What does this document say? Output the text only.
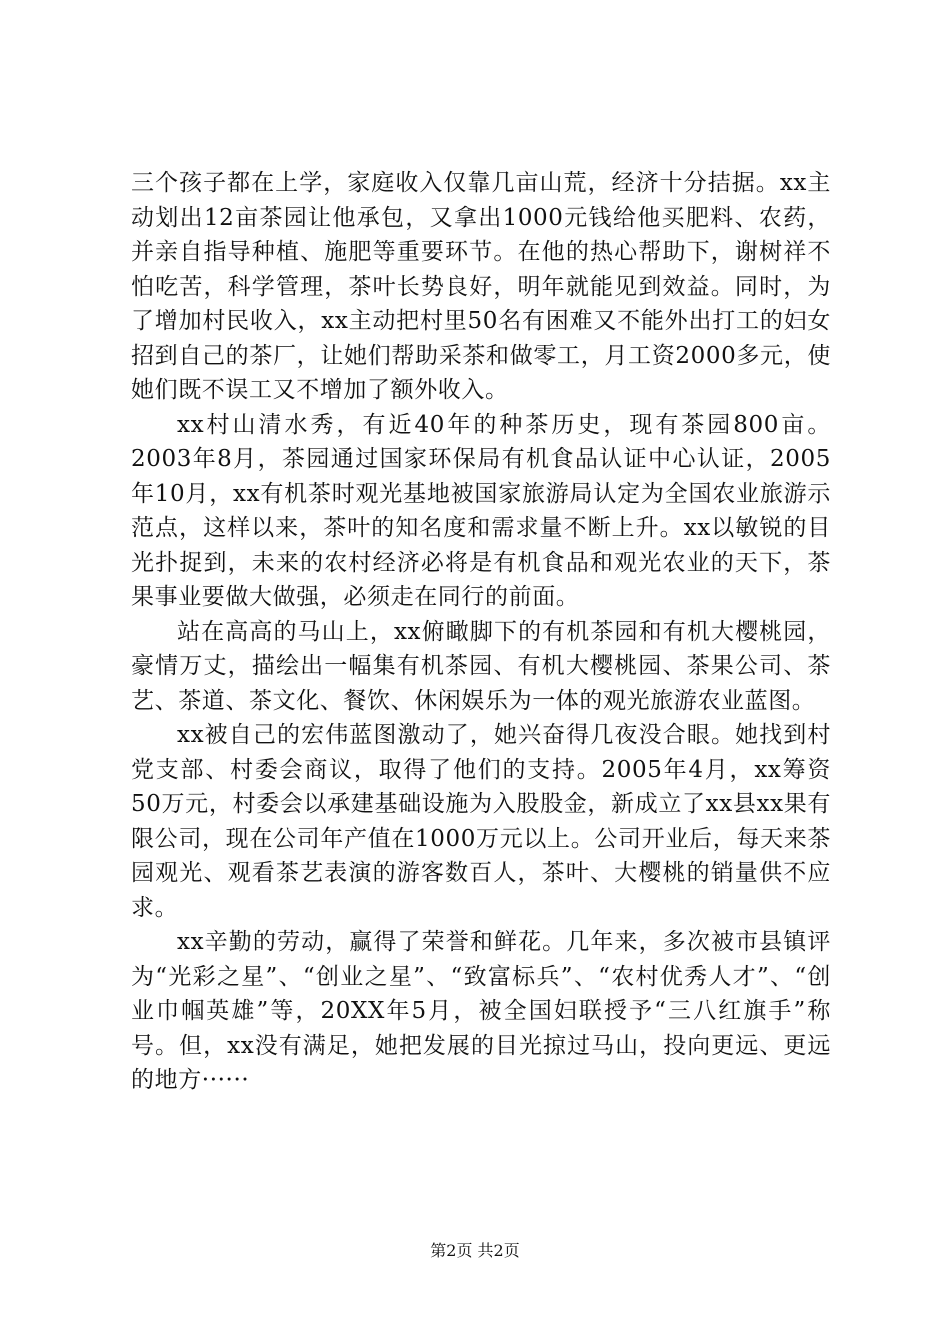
三个孩子都在上学，家庭收入仅靠几亩山荒，经济十分拮据。xx主动划出12亩茶园让他承包，又拿出1000元钱给他买肥料、农药，并亲自指导种植、施肥等重要环节。在他的热心帮助下，谢树祥不怕吃苦，科学管理，茶叶长势良好，明年就能见到效益。同时，为了增加村民收入，xx主动把村里50名有困难又不能外出打工的妇女招到自己的茶厂，让她们帮助采茶和做零工，月工资2000多元，使她们既不误工又不增加了额外收入。

xx村山清水秀，有近40年的种茶历史，现有茶园800亩。2003年8月，茶园通过国家环保局有机食品认证中心认证，2005年10月，xx有机茶时观光基地被国家旅游局认定为全国农业旅游示范点，这样以来，茶叶的知名度和需求量不断上升。xx以敏锐的目光扑捉到，未来的农村经济必将是有机食品和观光农业的天下，茶果事业要做大做强，必须走在同行的前面。

站在高高的马山上，xx俯瞰脚下的有机茶园和有机大樱桃园，豪情万丈，描绘出一幅集有机茶园、有机大樱桃园、茶果公司、茶艺、茶道、茶文化、餐饮、休闲娱乐为一体的观光旅游农业蓝图。

xx被自己的宏伟蓝图激动了，她兴奋得几夜没合眼。她找到村党支部、村委会商议，取得了他们的支持。2005年4月，xx筹资50万元，村委会以承建基础设施为入股股金，新成立了xx县xx果有限公司，现在公司年产值在1000万元以上。公司开业后，每天来茶园观光、观看茶艺表演的游客数百人，茶叶、大樱桃的销量供不应求。

xx辛勤的劳动，赢得了荣誉和鲜花。几年来，多次被市县镇评为“光彩之星”、“创业之星”、“致富标兵”、“农村优秀人才”、“创业巾帼英雄”等，20XX年5月，被全国妇联授予“三八红旗手”称号。但，xx没有满足，她把发展的目光掠过马山，投向更远、更远的地方······

第2页 共2页
